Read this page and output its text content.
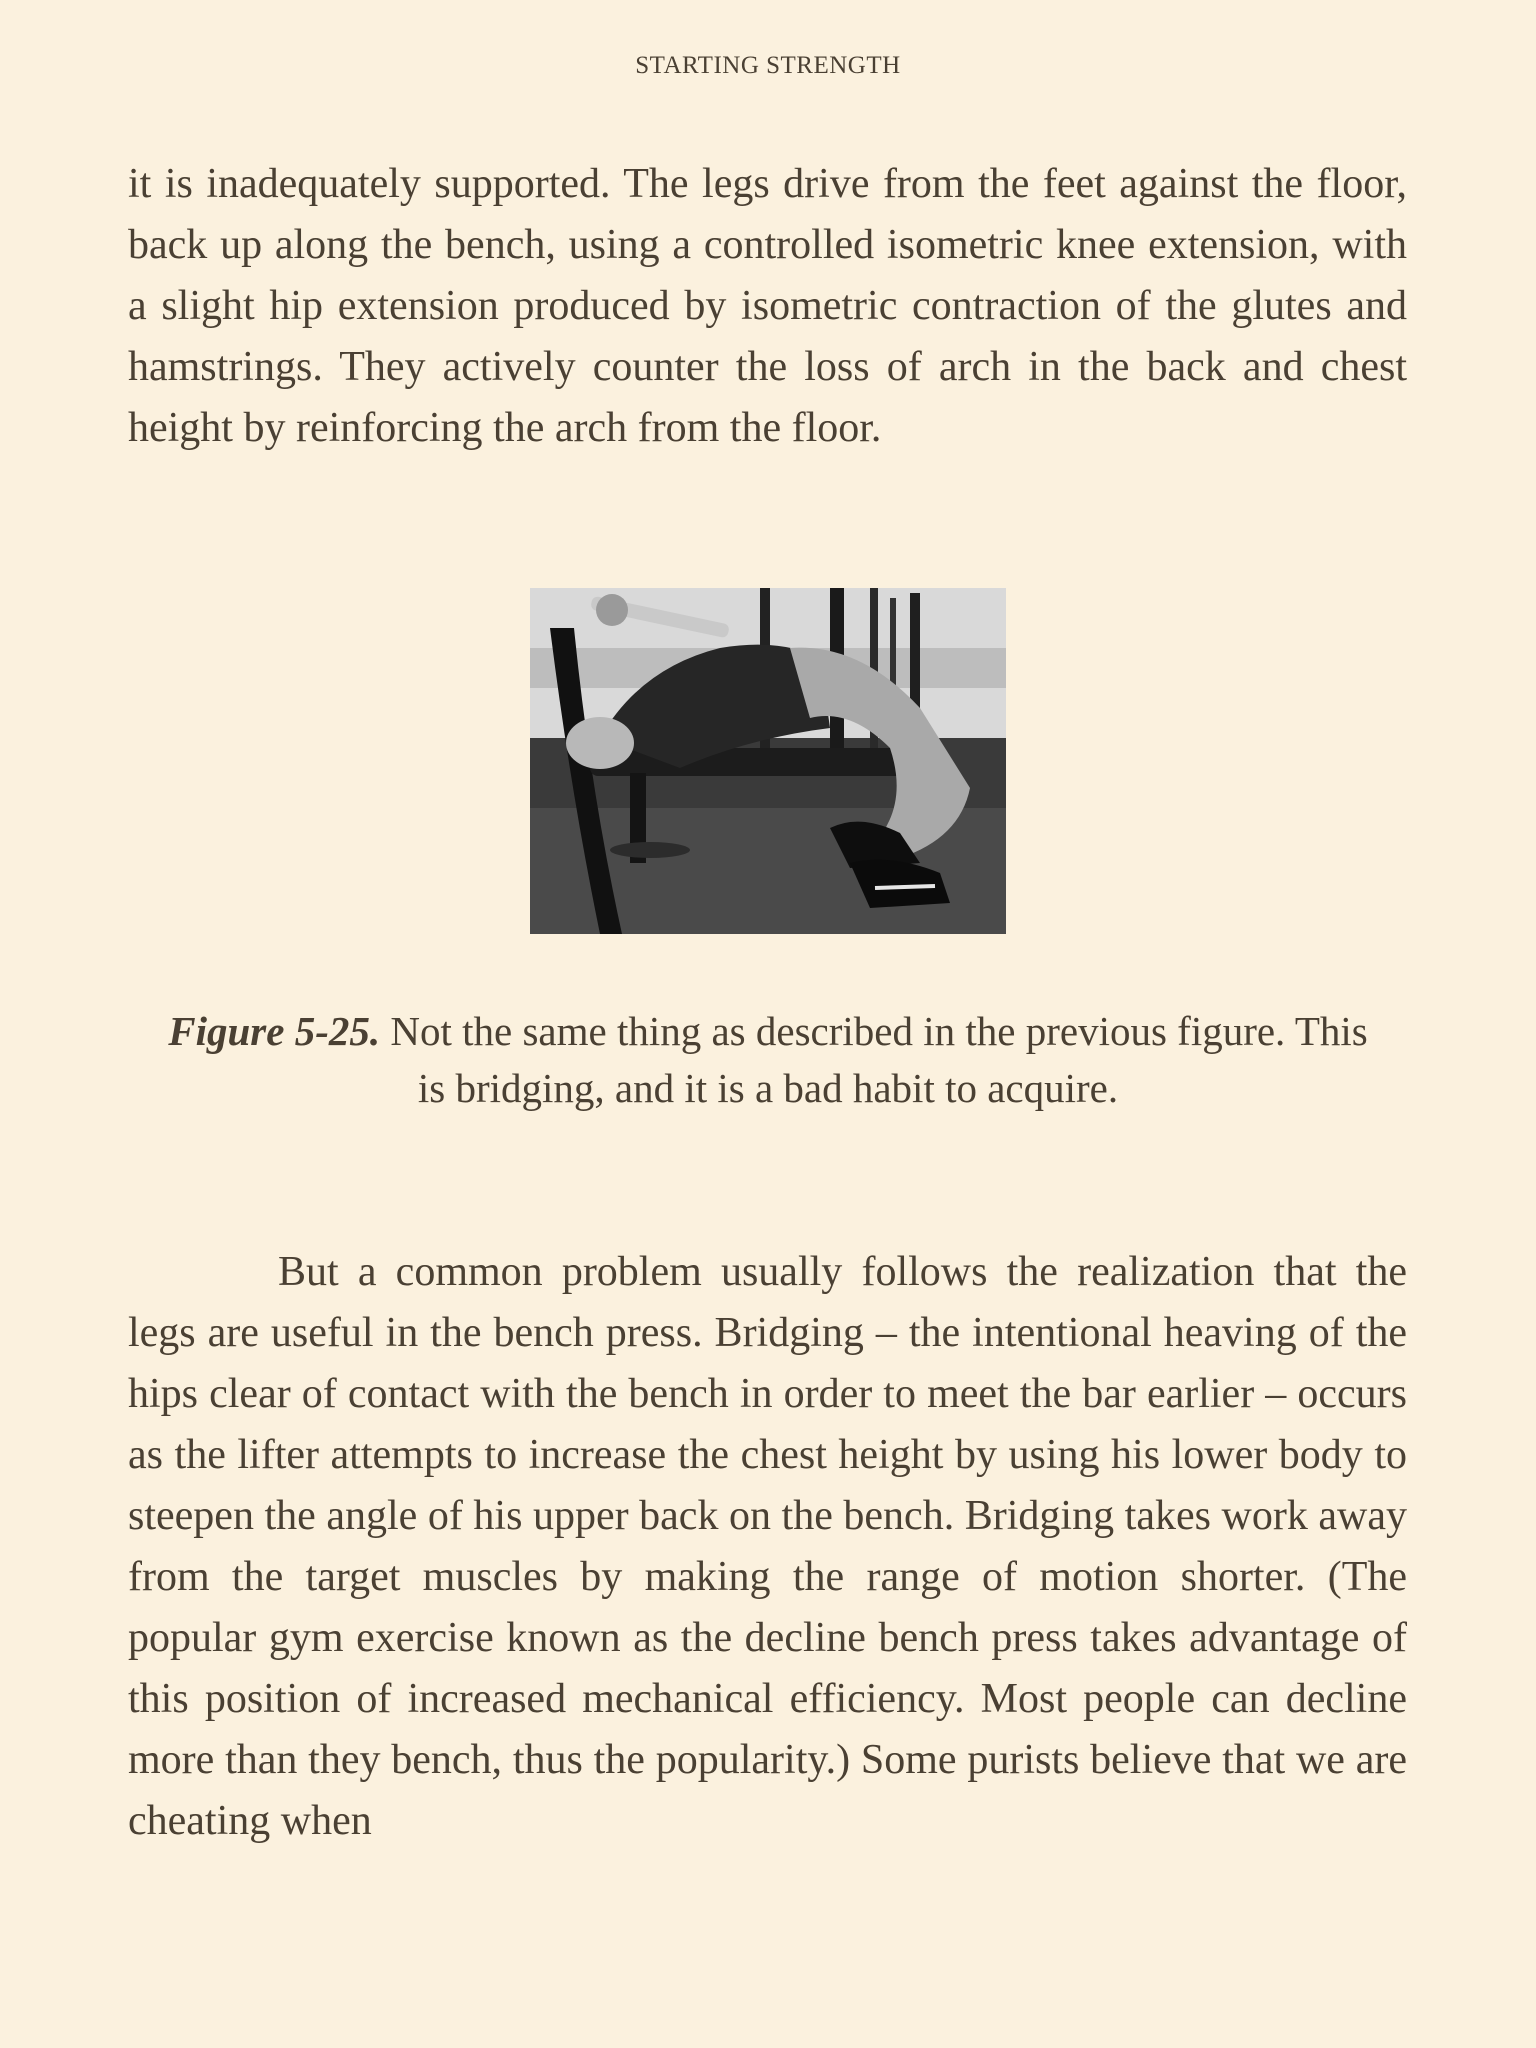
STARTING STRENGTH

it is inadequately supported. The legs drive from the feet against the floor, back up along the bench, using a controlled isometric knee extension, with a slight hip extension produced by isometric contraction of the glutes and hamstrings. They actively counter the loss of arch in the back and chest height by reinforcing the arch from the floor.

Figure 5-25. Not the same thing as described in the previous figure. This is bridging, and it is a bad habit to acquire.

But a common problem usually follows the realization that the legs are useful in the bench press. Bridging – the intentional heaving of the hips clear of contact with the bench in order to meet the bar earlier – occurs as the lifter attempts to increase the chest height by using his lower body to steepen the angle of his upper back on the bench. Bridging takes work away from the target muscles by making the range of motion shorter. (The popular gym exercise known as the decline bench press takes advantage of this position of increased mechanical efficiency. Most people can decline more than they bench, thus the popularity.) Some purists believe that we are cheating when
